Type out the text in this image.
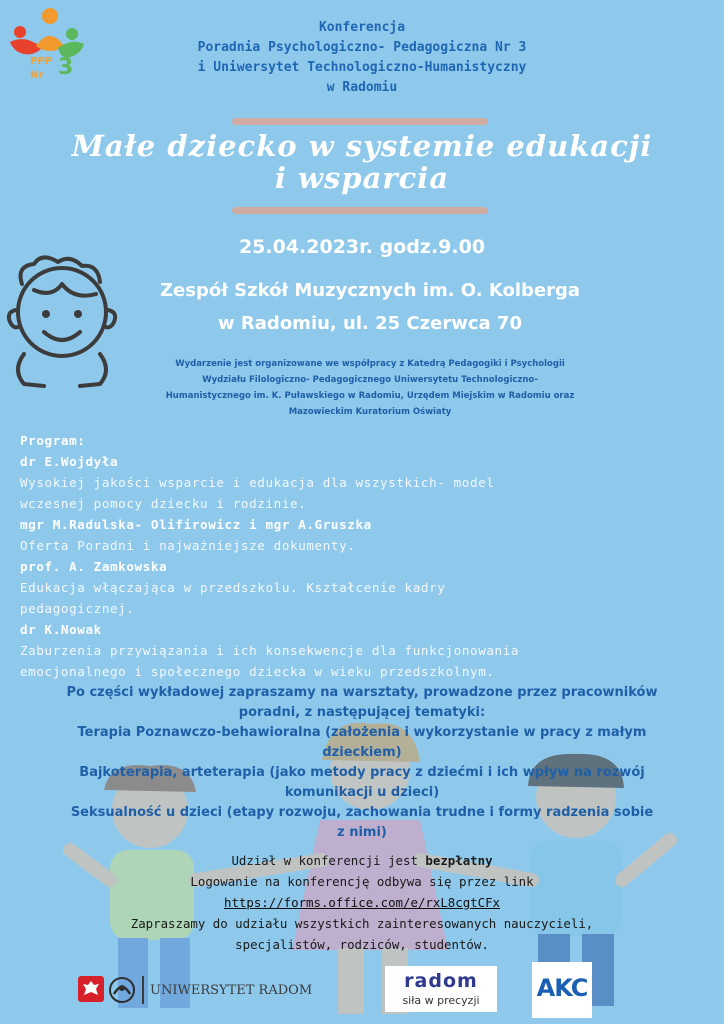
PPP
Nr 3
Konferencja
Poradnia Psychologiczno- Pedagogiczna Nr 3
i Uniwersytet Technologiczno-Humanistyczny
w Radomiu
Małe dziecko w systemie edukacji
i wsparcia
25.04.2023r. godz.9.00
Zespół Szkół Muzycznych im. O. Kolberga
w Radomiu, ul. 25 Czerwca 70
Wydarzenie jest organizowane we współpracy z Katedrą Pedagogiki i Psychologii
Wydziału Filologiczno- Pedagogicznego Uniwersytetu Technologiczno-
Humanistycznego im. K. Puławskiego w Radomiu, Urzędem Miejskim w Radomiu oraz
Mazowieckim Kuratorium Oświaty
Program:
dr E.Wojdyła
Wysokiej jakości wsparcie i edukacja dla wszystkich- model
wczesnej pomocy dziecku i rodzinie.
mgr M.Radulska- Olifirowicz i mgr A.Gruszka
Oferta Poradni i najważniejsze dokumenty.
prof. A. Zamkowska
Edukacja włączająca w przedszkolu. Kształcenie kadry
pedagogicznej.
dr K.Nowak
Zaburzenia przywiązania i ich konsekwencje dla funkcjonowania
emocjonalnego i społecznego dziecka w wieku przedszkolnym.
Po części wykładowej zapraszamy na warsztaty, prowadzone przez pracowników
poradni, z następującej tematyki:
Terapia Poznawczo-behawioralna (założenia i wykorzystanie w pracy z małym
dzieckiem)
Bajkoterapia, arteterapia (jako metody pracy z dziećmi i ich wpływ na rozwój
komunikacji u dzieci)
Seksualność u dzieci (etapy rozwoju, zachowania trudne i formy radzenia sobie
z nimi)
Udział w konferencji jest bezpłatny
Logowanie na konferencję odbywa się przez link
https://forms.office.com/e/rxL8cgtCFx
Zapraszamy do udziału wszystkich zainteresowanych nauczycieli,
specjalistów, rodziców, studentów.
UNIWERSYTET RADOM	radom
siła w precyzji	AKC
